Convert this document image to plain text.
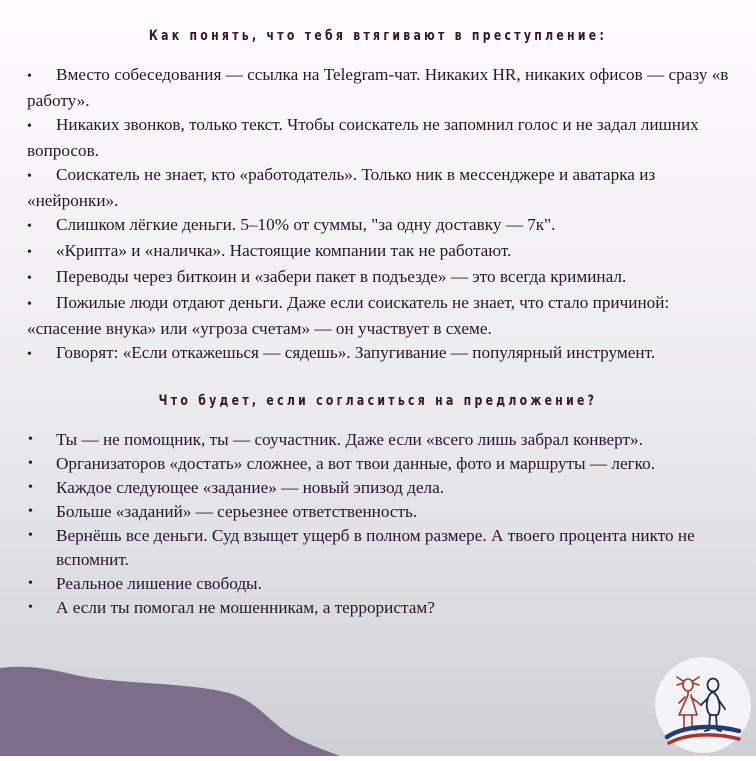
Как понять, что тебя втягивают в преступление:
• Вместо собеседования — ссылка на Telegram-чат. Никаких HR, никаких офисов — сразу «в работу».
• Никаких звонков, только текст. Чтобы соискатель не запомнил голос и не задал лишних вопросов.
• Соискатель не знает, кто «работодатель». Только ник в мессенджере и аватарка из «нейронки».
• Слишком лёгкие деньги. 5–10% от суммы, "за одну доставку — 7к".
• «Крипта» и «наличка». Настоящие компании так не работают.
• Переводы через биткоин и «забери пакет в подъезде» — это всегда криминал.
• Пожилые люди отдают деньги. Даже если соискатель не знает, что стало причиной: «спасение внука» или «угроза счетам» — он участвует в схеме.
• Говорят: «Если откажешься — сядешь». Запугивание — популярный инструмент.
Что будет, если согласиться на предложение?
• Ты — не помощник, ты — соучастник. Даже если «всего лишь забрал конверт».
• Организаторов «достать» сложнее, а вот твои данные, фото и маршруты — легко.
• Каждое следующее «задание» — новый эпизод дела.
• Больше «заданий» — серьезнее ответственность.
• Вернёшь все деньги. Суд взыщет ущерб в полном размере. А твоего процента никто не вспомнит.
• Реальное лишение свободы.
• А если ты помогал не мошенникам, а террористам?
